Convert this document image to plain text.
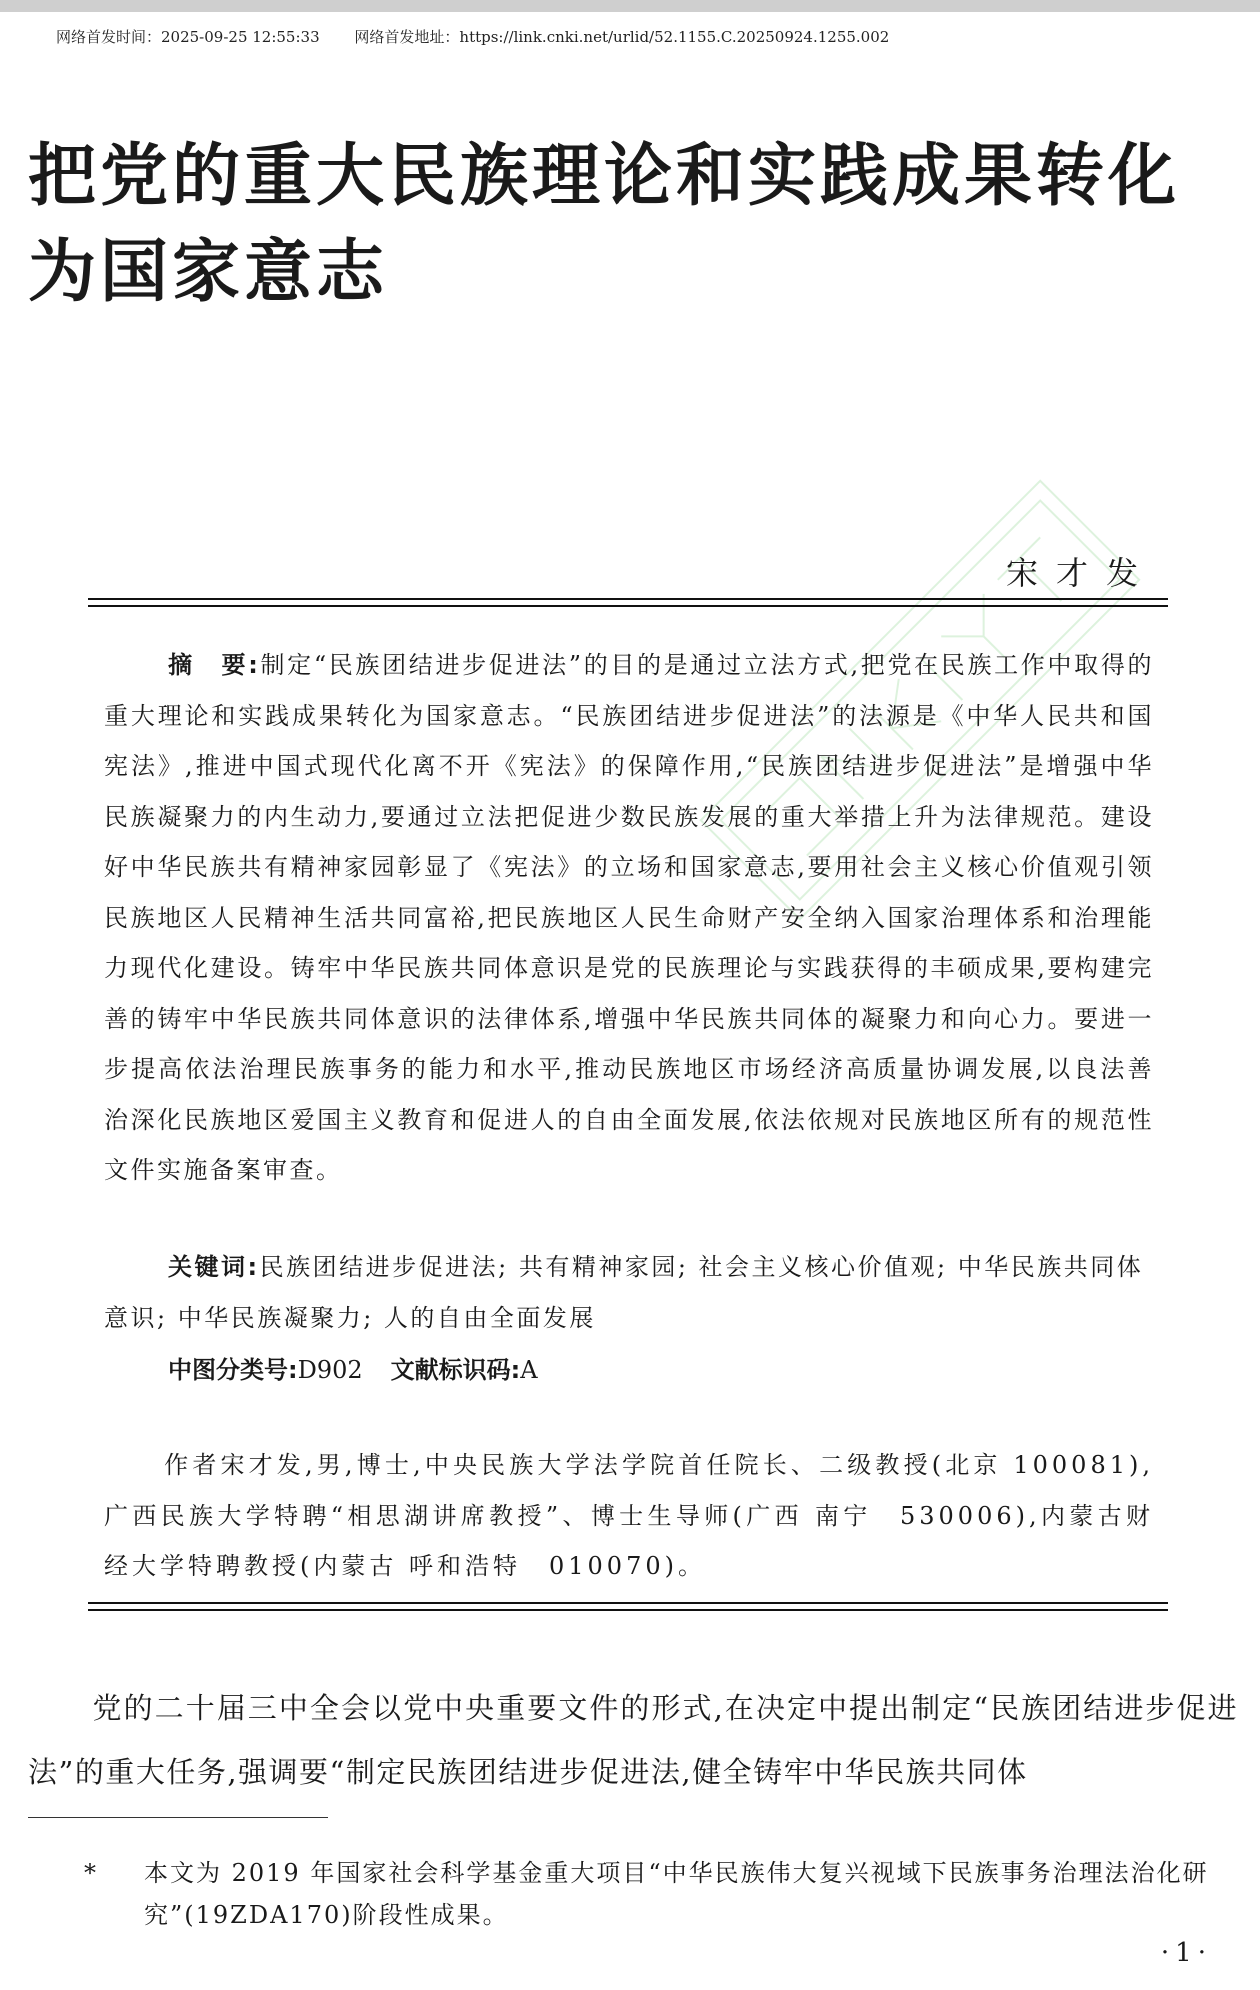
网络首发时间：2025-09-25 12:55:33 网络首发地址：https://link.cnki.net/urlid/52.1155.C.20250924.1255.002
把党的重大民族理论和实践成果转化为国家意志
宋才发

摘　要:制定“民族团结进步促进法”的目的是通过立法方式,把党在民族工作中取得的重大理论和实践成果转化为国家意志。“民族团结进步促进法”的法源是《中华人民共和国宪法》,推进中国式现代化离不开《宪法》的保障作用,“民族团结进步促进法”是增强中华民族凝聚力的内生动力,要通过立法把促进少数民族发展的重大举措上升为法律规范。建设好中华民族共有精神家园彰显了《宪法》的立场和国家意志,要用社会主义核心价值观引领民族地区人民精神生活共同富裕,把民族地区人民生命财产安全纳入国家治理体系和治理能力现代化建设。铸牢中华民族共同体意识是党的民族理论与实践获得的丰硕成果,要构建完善的铸牢中华民族共同体意识的法律体系,增强中华民族共同体的凝聚力和向心力。要进一步提高依法治理民族事务的能力和水平,推动民族地区市场经济高质量协调发展,以良法善治深化民族地区爱国主义教育和促进人的自由全面发展,依法依规对民族地区所有的规范性文件实施备案审查。

关键词:民族团结进步促进法; 共有精神家园; 社会主义核心价值观; 中华民族共同体意识; 中华民族凝聚力; 人的自由全面发展

中图分类号:D902 文献标识码:A

作者宋才发,男,博士,中央民族大学法学院首任院长、二级教授(北京 100081),广西民族大学特聘“相思湖讲席教授”、博士生导师(广西 南宁　530006),内蒙古财经大学特聘教授(内蒙古 呼和浩特　010070)。

党的二十届三中全会以党中央重要文件的形式,在决定中提出制定“民族团结进步促进法”的重大任务,强调要“制定民族团结进步促进法,健全铸牢中华民族共同体

* 本文为 2019 年国家社会科学基金重大项目“中华民族伟大复兴视域下民族事务治理法治化研究”(19ZDA170)阶段性成果。
·1·
